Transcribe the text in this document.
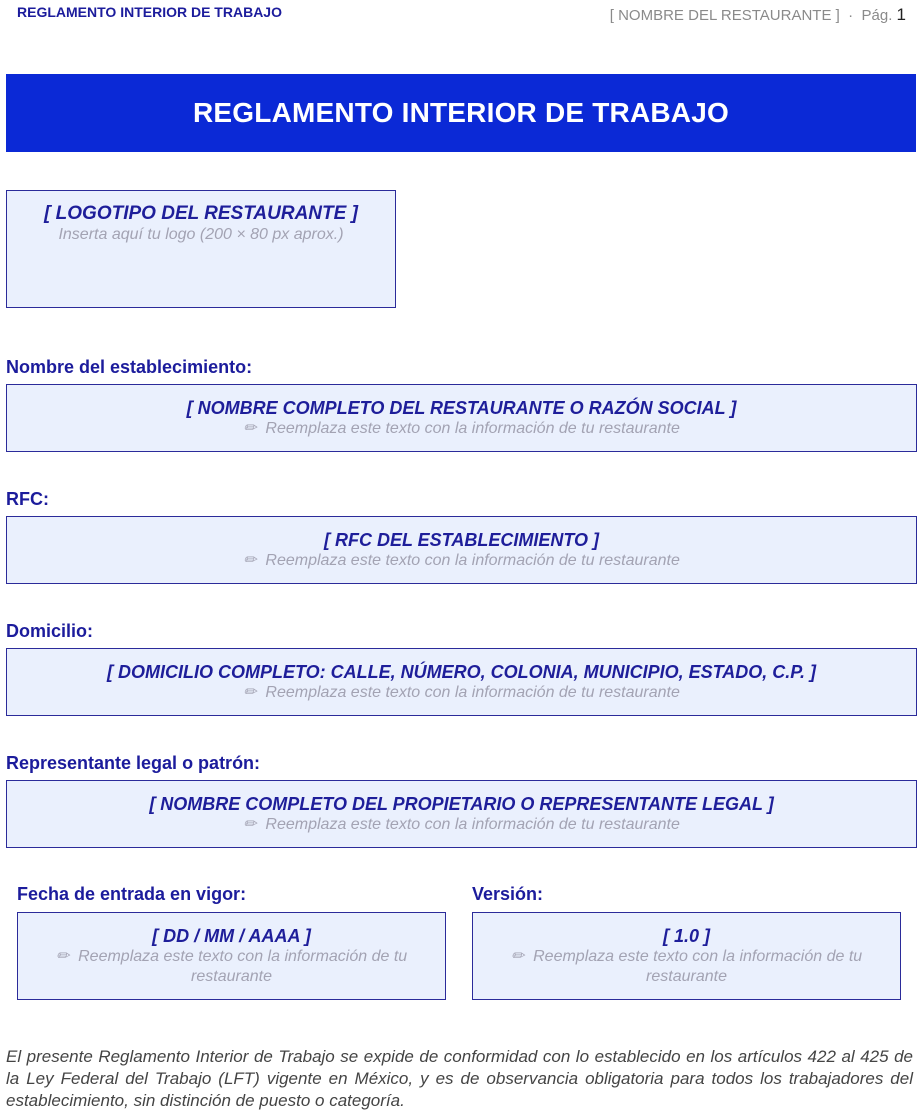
REGLAMENTO INTERIOR DE TRABAJO	[ NOMBRE DEL RESTAURANTE ] · Pág. 1
REGLAMENTO INTERIOR DE TRABAJO
[ LOGOTIPO DEL RESTAURANTE ]
Inserta aquí tu logo (200 × 80 px aprox.)
Nombre del establecimiento:
[ NOMBRE COMPLETO DEL RESTAURANTE O RAZÓN SOCIAL ]
✏ Reemplaza este texto con la información de tu restaurante
RFC:
[ RFC DEL ESTABLECIMIENTO ]
✏ Reemplaza este texto con la información de tu restaurante
Domicilio:
[ DOMICILIO COMPLETO: CALLE, NÚMERO, COLONIA, MUNICIPIO, ESTADO, C.P. ]
✏ Reemplaza este texto con la información de tu restaurante
Representante legal o patrón:
[ NOMBRE COMPLETO DEL PROPIETARIO O REPRESENTANTE LEGAL ]
✏ Reemplaza este texto con la información de tu restaurante
Fecha de entrada en vigor:
[ DD / MM / AAAA ]
✏ Reemplaza este texto con la información de tu restaurante
Versión:
[ 1.0 ]
✏ Reemplaza este texto con la información de tu restaurante
El presente Reglamento Interior de Trabajo se expide de conformidad con lo establecido en los artículos 422 al 425 de la Ley Federal del Trabajo (LFT) vigente en México, y es de observancia obligatoria para todos los trabajadores del establecimiento, sin distinción de puesto o categoría.
